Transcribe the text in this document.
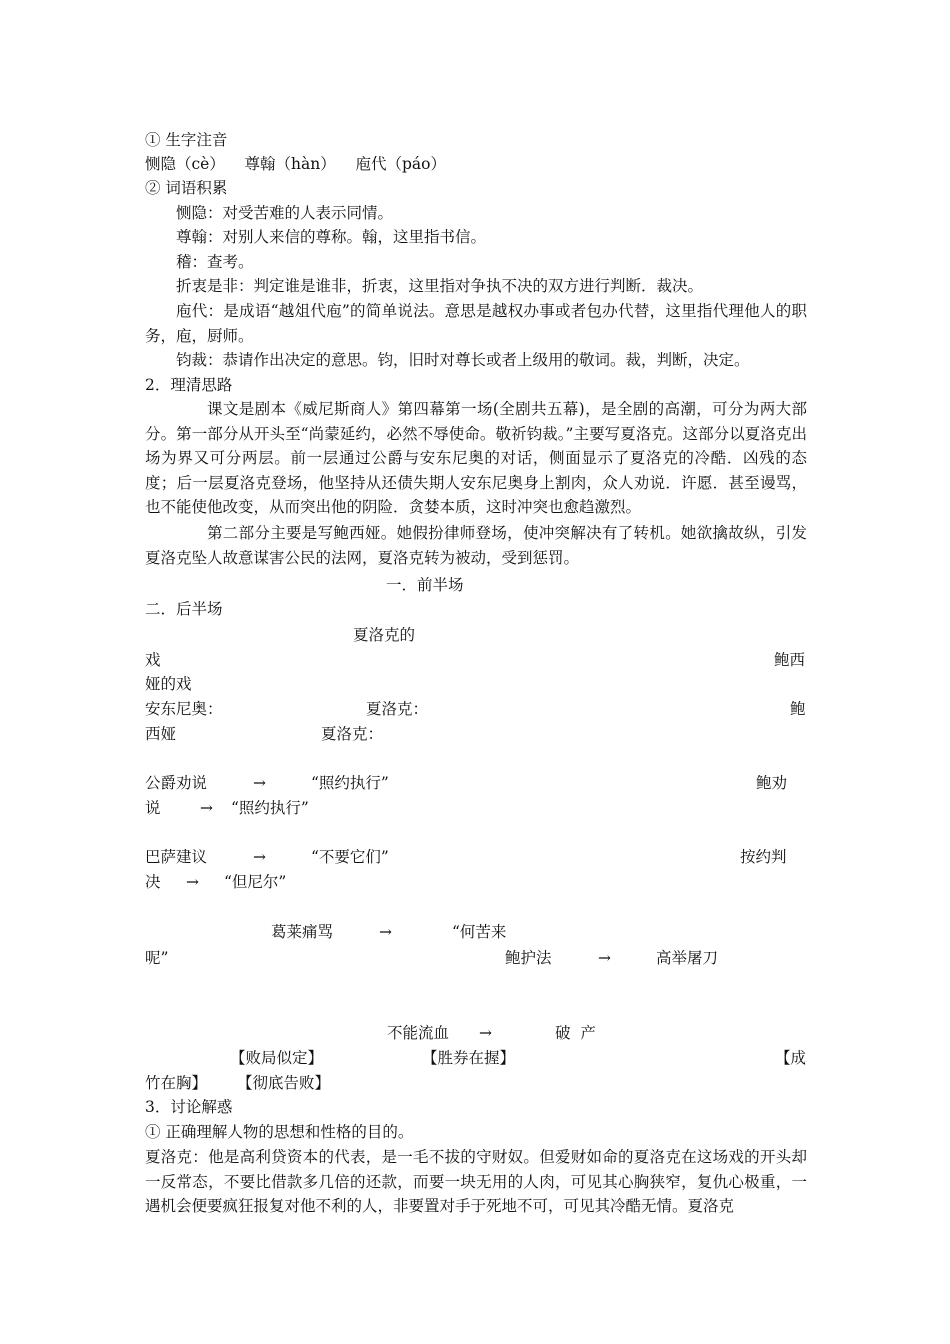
① 生字注音
恻隐（cè）    尊翰（hàn）    庖代（páo）
② 词语积累
恻隐：对受苦难的人表示同情。
尊翰：对别人来信的尊称。翰，这里指书信。
稽：查考。
折衷是非：判定谁是谁非，折衷，这里指对争执不决的双方进行判断．裁决。
庖代：是成语“越俎代庖”的简单说法。意思是越权办事或者包办代替，这里指代理他人的职务，庖，厨师。
钧裁：恭请作出决定的意思。钧，旧时对尊长或者上级用的敬词。裁，判断，决定。
2．理清思路
课文是剧本《威尼斯商人》第四幕第一场(全剧共五幕)，是全剧的高潮，可分为两大部分。第一部分从开头至“尚蒙延约，必然不辱使命。敬祈钧裁。”主要写夏洛克。这部分以夏洛克出场为界又可分两层。前一层通过公爵与安东尼奥的对话，侧面显示了夏洛克的冷酷．凶残的态度；后一层夏洛克登场，他坚持从还债失期人安东尼奥身上割肉，众人劝说．许愿．甚至谩骂，也不能使他改变，从而突出他的阴险．贪婪本质，这时冲突也愈趋激烈。
第二部分主要是写鲍西娅。她假扮律师登场，使冲突解决有了转机。她欲擒故纵，引发夏洛克坠人故意谋害公民的法网，夏洛克转为被动，受到惩罚。
一．前半场
二．后半场
夏洛克的
戏	鲍西
娅的戏
安东尼奥：	夏洛克：	鲍
西娅	夏洛克：
公爵劝说	→	“照约执行”	鲍劝
说	→ “照约执行”
巴萨建议	→	“不要它们”	按约判
决 → “但尼尔”
葛莱痛骂	→	“何苦来
呢”	鲍护法	→	高举屠刀
不能流血 →	破  产
【败局似定】	【胜券在握】	【成
竹在胸】 【彻底告败】
3．讨论解惑
① 正确理解人物的思想和性格的目的。
夏洛克：他是高利贷资本的代表，是一毛不拔的守财奴。但爱财如命的夏洛克在这场戏的开头却一反常态，不要比借款多几倍的还款，而要一块无用的人肉，可见其心胸狭窄，复仇心极重，一遇机会便要疯狂报复对他不利的人，非要置对手于死地不可，可见其冷酷无情。夏洛克
